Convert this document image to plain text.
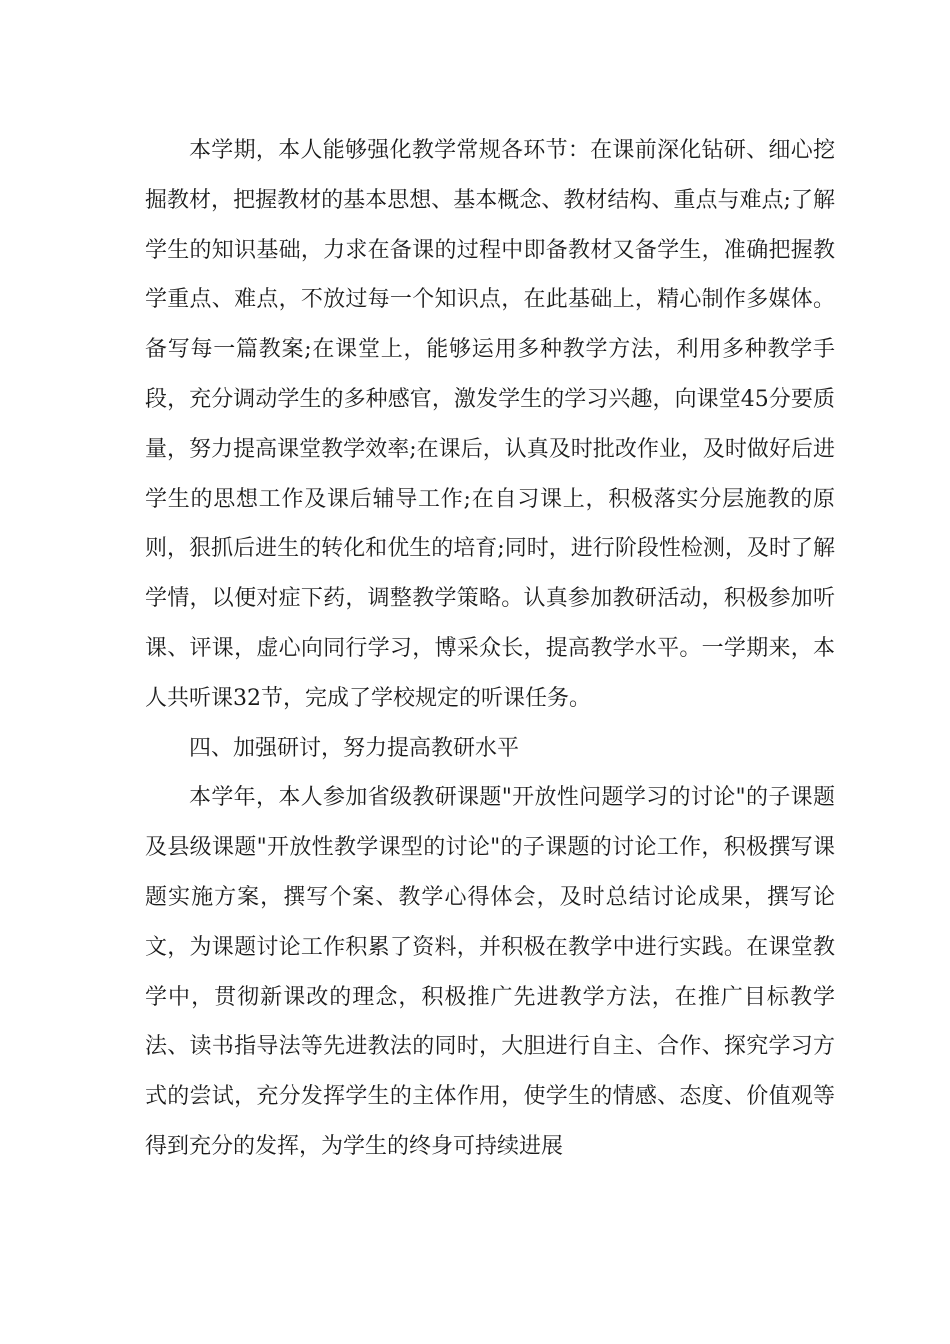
本学期，本人能够强化教学常规各环节：在课前深化钻研、细心挖掘教材，把握教材的基本思想、基本概念、教材结构、重点与难点;了解学生的知识基础，力求在备课的过程中即备教材又备学生，准确把握教学重点、难点，不放过每一个知识点，在此基础上，精心制作多媒体。备写每一篇教案;在课堂上，能够运用多种教学方法，利用多种教学手段，充分调动学生的多种感官，激发学生的学习兴趣，向课堂45分要质量，努力提高课堂教学效率;在课后，认真及时批改作业，及时做好后进学生的思想工作及课后辅导工作;在自习课上，积极落实分层施教的原则，狠抓后进生的转化和优生的培育;同时，进行阶段性检测，及时了解学情，以便对症下药，调整教学策略。认真参加教研活动，积极参加听课、评课，虚心向同行学习，博采众长，提高教学水平。一学期来，本人共听课32节，完成了学校规定的听课任务。

四、加强研讨，努力提高教研水平

本学年，本人参加省级教研课题"开放性问题学习的讨论"的子课题及县级课题"开放性教学课型的讨论"的子课题的讨论工作，积极撰写课题实施方案，撰写个案、教学心得体会，及时总结讨论成果，撰写论文，为课题讨论工作积累了资料，并积极在教学中进行实践。在课堂教学中，贯彻新课改的理念，积极推广先进教学方法，在推广目标教学法、读书指导法等先进教法的同时，大胆进行自主、合作、探究学习方式的尝试，充分发挥学生的主体作用，使学生的情感、态度、价值观等得到充分的发挥，为学生的终身可持续进展
